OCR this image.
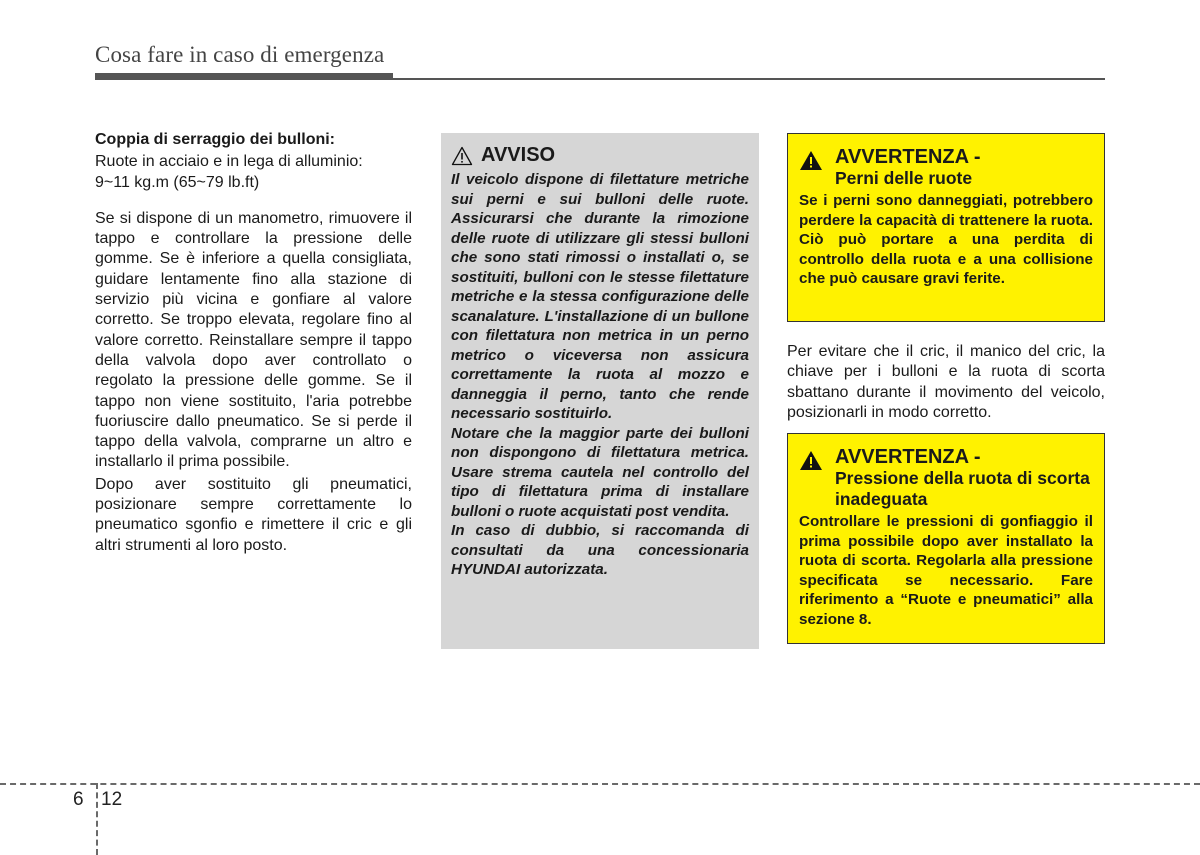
Cosa fare in caso di emergenza
Coppia di serraggio dei bulloni:
Ruote in acciaio e in lega di alluminio:
9~11 kg.m (65~79 lb.ft)

Se si dispone di un manometro, rimuovere il tappo e controllare la pressione delle gomme. Se è inferiore a quella consigliata, guidare lentamente fino alla stazione di servizio più vicina e gonfiare al valore corretto. Se troppo elevata, regolare fino al valore corretto. Reinstallare sempre il tappo della valvola dopo aver controllato o regolato la pressione delle gomme. Se il tappo non viene sostituito, l'aria potrebbe fuoriuscire dallo pneumatico. Se si perde il tappo della valvola, comprarne un altro e installarlo il prima possibile.

Dopo aver sostituito gli pneumatici, posizionare sempre correttamente lo pneumatico sgonfio e rimettere il cric e gli altri strumenti al loro posto.

AVVISO

Il veicolo dispone di filettature metriche sui perni e sui bulloni delle ruote. Assicurarsi che durante la rimozione delle ruote di utilizzare gli stessi bulloni che sono stati rimossi o installati o, se sostituiti, bulloni con le stesse filettature metriche e la stessa configurazione delle scanalature. L'installazione di un bullone con filettatura non metrica in un perno metrico o viceversa non assicura correttamente la ruota al mozzo e danneggia il perno, tanto che rende necessario sostituirlo.

Notare che la maggior parte dei bulloni non dispongono di filettatura metrica. Usare strema cautela nel controllo del tipo di filettatura prima di installare bulloni o ruote acquistati post vendita.

In caso di dubbio, si raccomanda di consultati da una concessionaria HYUNDAI autorizzata.

AVVERTENZA -
Perni delle ruote

Se i perni sono danneggiati, potrebbero perdere la capacità di trattenere la ruota. Ciò può portare a una perdita di controllo della ruota e a una collisione che può causare gravi ferite.

Per evitare che il cric, il manico del cric, la chiave per i bulloni e la ruota di scorta sbattano durante il movimento del veicolo, posizionarli in modo corretto.

AVVERTENZA -
Pressione della ruota di scorta inadeguata

Controllare le pressioni di gonfiaggio il prima possibile dopo aver installato la ruota di scorta. Regolarla alla pressione specificata se necessario. Fare riferimento a “Ruote e pneumatici” alla sezione 8.

6 12
